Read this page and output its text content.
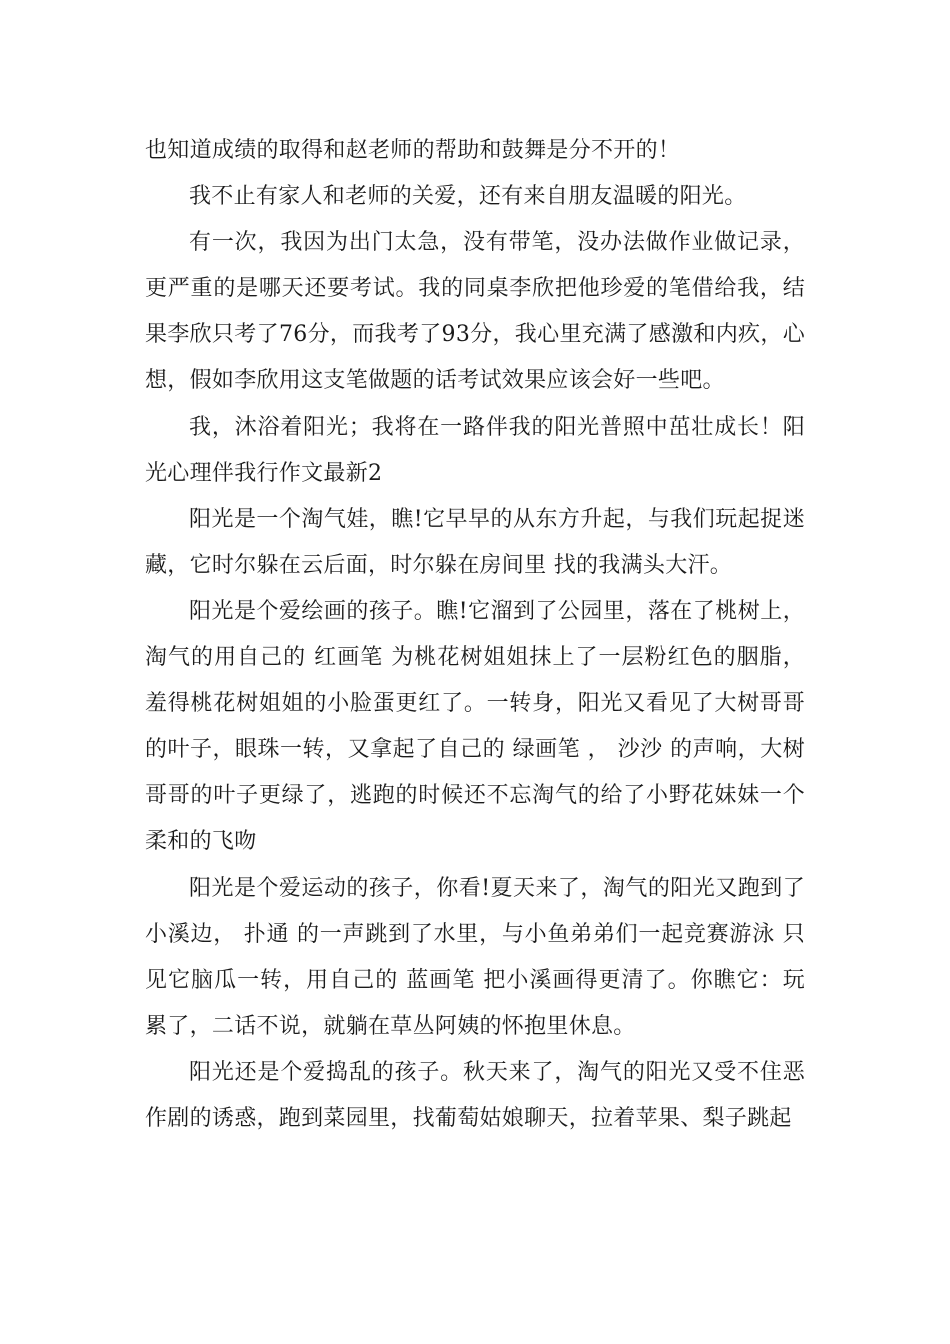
也知道成绩的取得和赵老师的帮助和鼓舞是分不开的！

我不止有家人和老师的关爱，还有来自朋友温暖的阳光。

有一次，我因为出门太急，没有带笔，没办法做作业做记录，更严重的是哪天还要考试。我的同桌李欣把他珍爱的笔借给我，结果李欣只考了76分，而我考了93分，我心里充满了感激和内疚，心想，假如李欣用这支笔做题的话考试效果应该会好一些吧。

我，沐浴着阳光；我将在一路伴我的阳光普照中茁壮成长！阳光心理伴我行作文最新2

阳光是一个淘气娃，瞧!它早早的从东方升起，与我们玩起捉迷藏，它时尔躲在云后面，时尔躲在房间里 找的我满头大汗。

阳光是个爱绘画的孩子。瞧!它溜到了公园里，落在了桃树上，淘气的用自己的 红画笔 为桃花树姐姐抹上了一层粉红色的胭脂，羞得桃花树姐姐的小脸蛋更红了。一转身，阳光又看见了大树哥哥的叶子，眼珠一转，又拿起了自己的 绿画笔 ， 沙沙 的声响，大树哥哥的叶子更绿了，逃跑的时候还不忘淘气的给了小野花妹妹一个柔和的飞吻

阳光是个爱运动的孩子，你看!夏天来了，淘气的阳光又跑到了小溪边， 扑通 的一声跳到了水里，与小鱼弟弟们一起竞赛游泳 只见它脑瓜一转，用自己的 蓝画笔 把小溪画得更清了。你瞧它：玩累了，二话不说，就躺在草丛阿姨的怀抱里休息。

阳光还是个爱捣乱的孩子。秋天来了，淘气的阳光又受不住恶作剧的诱惑，跑到菜园里，找葡萄姑娘聊天，拉着苹果、梨子跳起
